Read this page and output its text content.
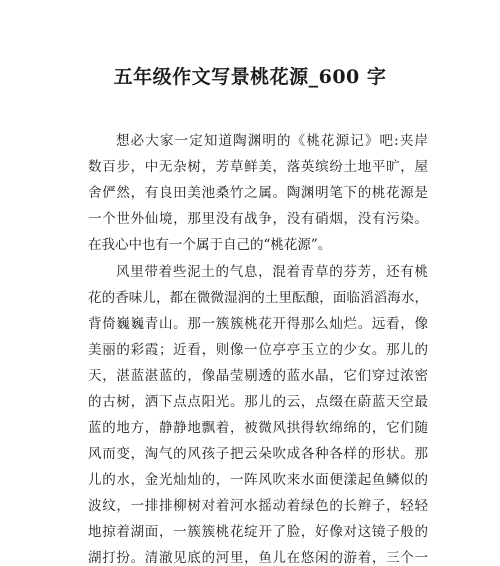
五年级作文写景桃花源_600 字
想必大家一定知道陶渊明的《桃花源记》吧:夹岸
数百步，中无杂树，芳草鲜美，落英缤纷土地平旷，屋
舍俨然，有良田美池桑竹之属。陶渊明笔下的桃花源是
一个世外仙境，那里没有战争，没有硝烟，没有污染。
在我心中也有一个属于自己的“桃花源”。
风里带着些泥土的气息，混着青草的芬芳，还有桃
花的香味儿，都在微微湿润的土里酝酿，面临滔滔海水，
背倚巍巍青山。那一簇簇桃花开得那么灿烂。远看，像
美丽的彩霞；近看，则像一位亭亭玉立的少女。那儿的
天，湛蓝湛蓝的，像晶莹剔透的蓝水晶，它们穿过浓密
的古树，洒下点点阳光。那儿的云，点缀在蔚蓝天空最
蓝的地方，静静地飘着，被微风拱得软绵绵的，它们随
风而变，淘气的风孩子把云朵吹成各种各样的形状。那
儿的水，金光灿灿的，一阵风吹来水面便漾起鱼鳞似的
波纹，一排排柳树对着河水摇动着绿色的长辫子，轻轻
地掠着湖面，一簇簇桃花绽开了脸，好像对这镜子般的
湖打扮。清澈见底的河里，鱼儿在悠闲的游着，三个一
